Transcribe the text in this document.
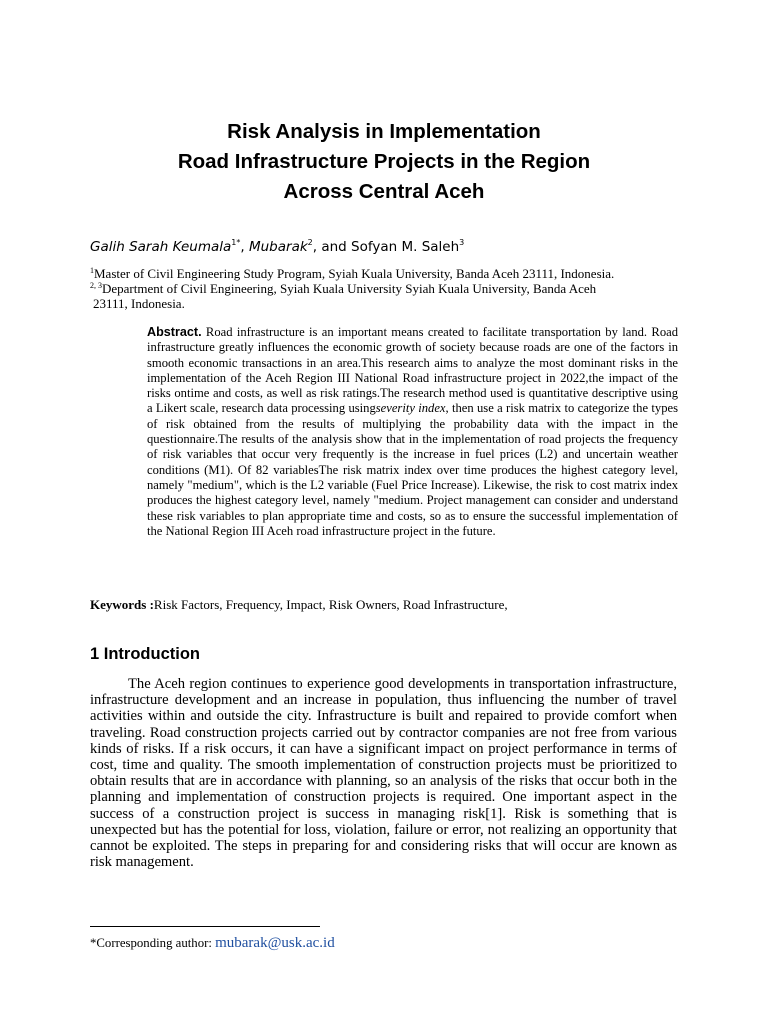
Risk Analysis in Implementation
Road Infrastructure Projects in the Region
Across Central Aceh
Galih Sarah Keumala$^{1*}$, Mubarak$^2$, and Sofyan M. Saleh$^3$
$^1$Master of Civil Engineering Study Program, Syiah Kuala University, Banda Aceh 23111, Indonesia.
$^{2, 3}$Department of Civil Engineering, Syiah Kuala University Syiah Kuala University, Banda Aceh
23111, Indonesia.
Abstract. Road infrastructure is an important means created to facilitate transportation by land. Road infrastructure greatly influences the economic growth of society because roads are one of the factors in smooth economic transactions in an area.This research aims to analyze the most dominant risks in the implementation of the Aceh Region III National Road infrastructure project in 2022,the impact of the risks ontime and costs, as well as risk ratings.The research method used is quantitative descriptive using a Likert scale, research data processing usingseverity index, then use a risk matrix to categorize the types of risk obtained from the results of multiplying the probability data with the impact in the questionnaire.The results of the analysis show that in the implementation of road projects the frequency of risk variables that occur very frequently is the increase in fuel prices (L2) and uncertain weather conditions (M1). Of 82 variablesThe risk matrix index over time produces the highest category level, namely "medium", which is the L2 variable (Fuel Price Increase). Likewise, the risk to cost matrix index produces the highest category level, namely "medium. Project management can consider and understand these risk variables to plan appropriate time and costs, so as to ensure the successful implementation of the National Region III Aceh road infrastructure project in the future.
Keywords :Risk Factors, Frequency, Impact, Risk Owners, Road Infrastructure,
1 Introduction
The Aceh region continues to experience good developments in transportation infrastructure, infrastructure development and an increase in population, thus influencing the number of travel activities within and outside the city. Infrastructure is built and repaired to provide comfort when traveling. Road construction projects carried out by contractor companies are not free from various kinds of risks. If a risk occurs, it can have a significant impact on project performance in terms of cost, time and quality. The smooth implementation of construction projects must be prioritized to obtain results that are in accordance with planning, so an analysis of the risks that occur both in the planning and implementation of construction projects is required. One important aspect in the success of a construction project is success in managing risk[1]. Risk is something that is unexpected but has the potential for loss, violation, failure or error, not realizing an opportunity that cannot be exploited. The steps in preparing for and considering risks that will occur are known as risk management.
*Corresponding author: mubarak@usk.ac.id
